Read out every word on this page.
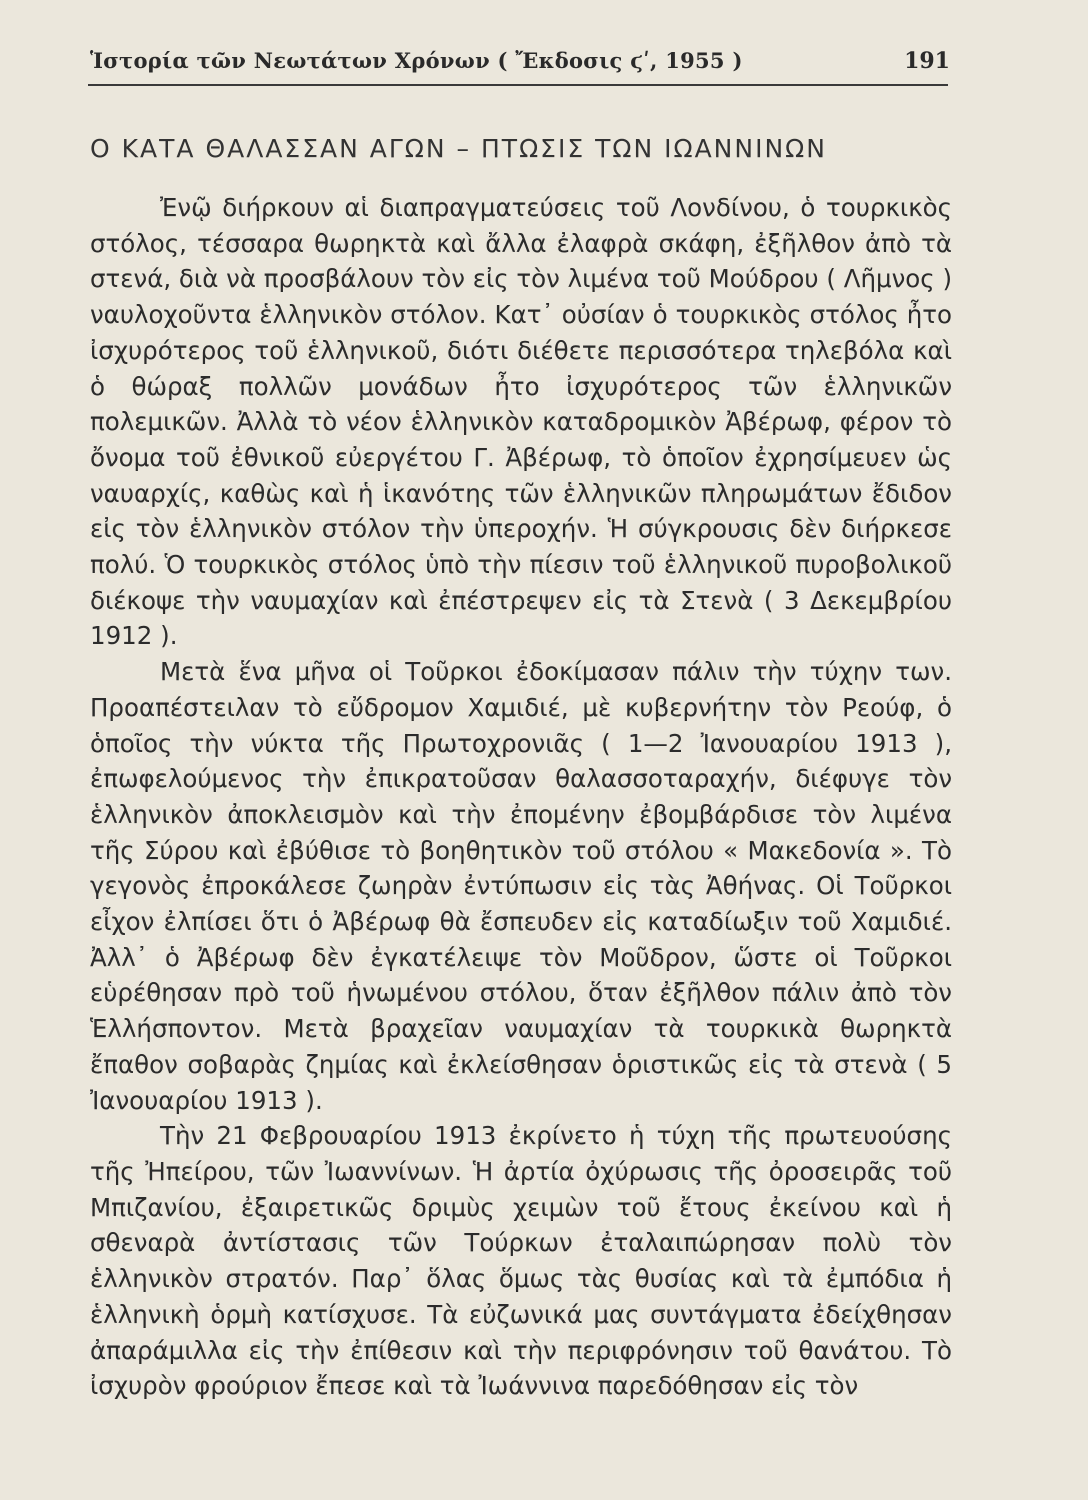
Ἱστορία τῶν Νεωτάτων Χρόνων ( Ἔκδοσις ϛʹ, 1955 )	191
Ο ΚΑΤΑ ΘΑΛΑΣΣΑΝ ΑΓΩΝ – ΠΤΩΣΙΣ ΤΩΝ ΙΩΑΝΝΙΝΩΝ

Ἐνῷ διήρκουν αἱ διαπραγματεύσεις τοῦ Λονδίνου, ὁ τουρκικὸς στόλος, τέσσαρα θωρηκτὰ καὶ ἄλλα ἐλαφρὰ σκάφη, ἐξῆλθον ἀπὸ τὰ στενά, διὰ νὰ προσβάλουν τὸν εἰς τὸν λιμένα τοῦ Μούδρου ( Λῆμνος ) ναυλοχοῦντα ἑλληνικὸν στόλον. Κατ᾽ οὐσίαν ὁ τουρκικὸς στόλος ἦτο ἰσχυρότερος τοῦ ἑλληνικοῦ, διότι διέθετε περισσότερα τηλεβόλα καὶ ὁ θώραξ πολλῶν μονάδων ἦτο ἰσχυρότερος τῶν ἑλληνικῶν πολεμικῶν. Ἀλλὰ τὸ νέον ἑλληνικὸν καταδρομικὸν Ἀβέρωφ, φέρον τὸ ὄνομα τοῦ ἐθνικοῦ εὐεργέτου Γ. Ἀβέρωφ, τὸ ὁποῖον ἐχρησίμευεν ὡς ναυαρχίς, καθὼς καὶ ἡ ἱκανότης τῶν ἑλληνικῶν πληρωμάτων ἔδιδον εἰς τὸν ἑλληνικὸν στόλον τὴν ὑπεροχήν. Ἡ σύγκρουσις δὲν διήρκεσε πολύ. Ὁ τουρκικὸς στόλος ὑπὸ τὴν πίεσιν τοῦ ἑλληνικοῦ πυροβολικοῦ διέκοψε τὴν ναυμαχίαν καὶ ἐπέστρεψεν εἰς τὰ Στενὰ ( 3 Δεκεμβρίου 1912 ).

Μετὰ ἕνα μῆνα οἱ Τοῦρκοι ἐδοκίμασαν πάλιν τὴν τύχην των. Προαπέστειλαν τὸ εὔδρομον Χαμιδιέ, μὲ κυβερνήτην τὸν Ρεούφ, ὁ ὁποῖος τὴν νύκτα τῆς Πρωτοχρονιᾶς ( 1—2 Ἰανουαρίου 1913 ), ἐπωφελούμενος τὴν ἐπικρατοῦσαν θαλασσοταραχήν, διέφυγε τὸν ἑλληνικὸν ἀποκλεισμὸν καὶ τὴν ἐπομένην ἐβομβάρδισε τὸν λιμένα τῆς Σύρου καὶ ἐβύθισε τὸ βοηθητικὸν τοῦ στόλου « Μακεδονία ». Τὸ γεγονὸς ἐπροκάλεσε ζωηρὰν ἐντύπωσιν εἰς τὰς Ἀθήνας. Οἱ Τοῦρκοι εἶχον ἐλπίσει ὅτι ὁ Ἀβέρωφ θὰ ἔσπευδεν εἰς καταδίωξιν τοῦ Χαμιδιέ. Ἀλλ᾽ ὁ Ἀβέρωφ δὲν ἐγκατέλειψε τὸν Μοῦδρον, ὥστε οἱ Τοῦρκοι εὑρέθησαν πρὸ τοῦ ἡνωμένου στόλου, ὅταν ἐξῆλθον πάλιν ἀπὸ τὸν Ἑλλήσποντον. Μετὰ βραχεῖαν ναυμαχίαν τὰ τουρκικὰ θωρηκτὰ ἔπαθον σοβαρὰς ζημίας καὶ ἐκλείσθησαν ὁριστικῶς εἰς τὰ στενὰ ( 5 Ἰανουαρίου 1913 ).

Τὴν 21 Φεβρουαρίου 1913 ἐκρίνετο ἡ τύχη τῆς πρωτευούσης τῆς Ἠπείρου, τῶν Ἰωαννίνων. Ἡ ἀρτία ὀχύρωσις τῆς ὀροσειρᾶς τοῦ Μπιζανίου, ἐξαιρετικῶς δριμὺς χειμὼν τοῦ ἔτους ἐκείνου καὶ ἡ σθεναρὰ ἀντίστασις τῶν Τούρκων ἐταλαιπώρησαν πολὺ τὸν ἑλληνικὸν στρατόν. Παρ᾽ ὅλας ὅμως τὰς θυσίας καὶ τὰ ἐμπόδια ἡ ἑλληνικὴ ὁρμὴ κατίσχυσε. Τὰ εὐζωνικά μας συντάγματα ἐδείχθησαν ἀπαράμιλλα εἰς τὴν ἐπίθεσιν καὶ τὴν περιφρόνησιν τοῦ θανάτου. Τὸ ἰσχυρὸν φρούριον ἔπεσε καὶ τὰ Ἰωάννινα παρεδόθησαν εἰς τὸν
